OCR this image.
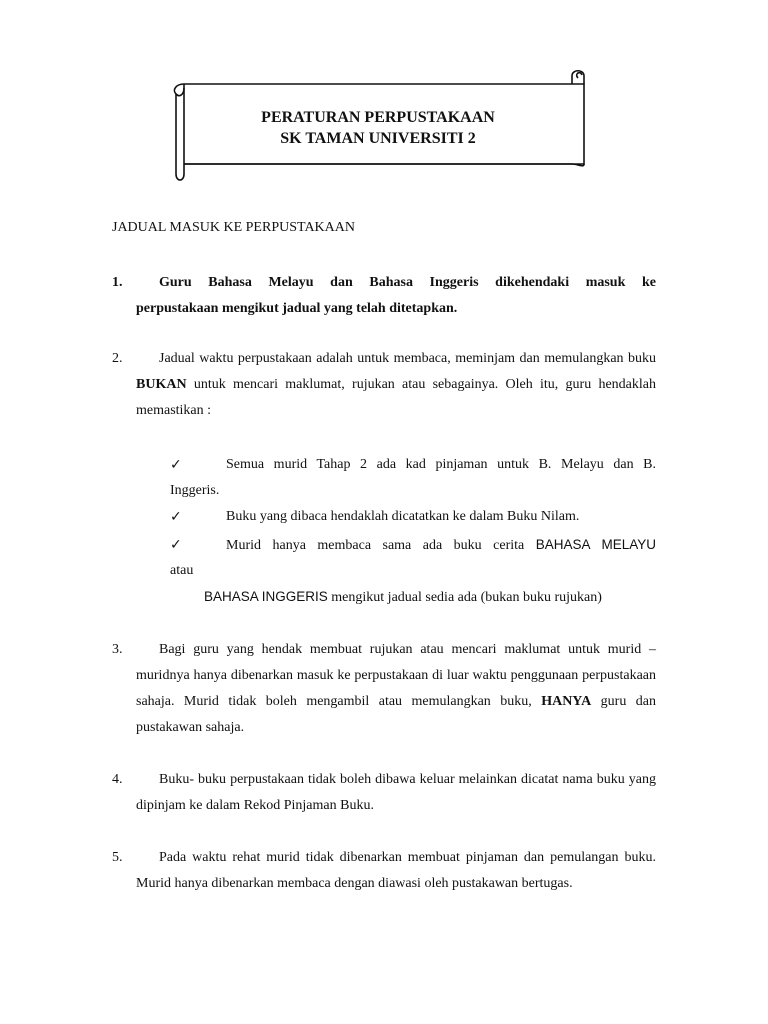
PERATURAN PERPUSTAKAAN
SK TAMAN UNIVERSITI 2
JADUAL MASUK KE PERPUSTAKAAN
1.	Guru Bahasa Melayu dan Bahasa Inggeris dikehendaki masuk ke
perpustakaan mengikut jadual yang telah ditetapkan.
2.	Jadual waktu perpustakaan adalah untuk membaca, meminjam dan memulangkan buku BUKAN untuk mencari maklumat, rujukan atau sebagainya. Oleh itu, guru hendaklah memastikan :
✓	Semua murid Tahap 2 ada kad pinjaman untuk B. Melayu dan B.
Inggeris.
✓	Buku yang dibaca hendaklah dicatatkan ke dalam Buku Nilam.
✓	Murid hanya membaca sama ada buku cerita BAHASA MELAYU
atau
BAHASA INGGERIS mengikut jadual sedia ada (bukan buku rujukan)
3.	Bagi guru yang hendak membuat rujukan atau mencari maklumat untuk murid – muridnya hanya dibenarkan masuk ke perpustakaan di luar waktu penggunaan perpustakaan sahaja. Murid tidak boleh mengambil atau memulangkan buku, HANYA guru dan pustakawan sahaja.
4.	Buku- buku perpustakaan tidak boleh dibawa keluar melainkan dicatat nama buku yang dipinjam ke dalam Rekod Pinjaman Buku.
5.	Pada waktu rehat murid tidak dibenarkan membuat pinjaman dan pemulangan buku. Murid hanya dibenarkan membaca dengan diawasi oleh pustakawan bertugas.
